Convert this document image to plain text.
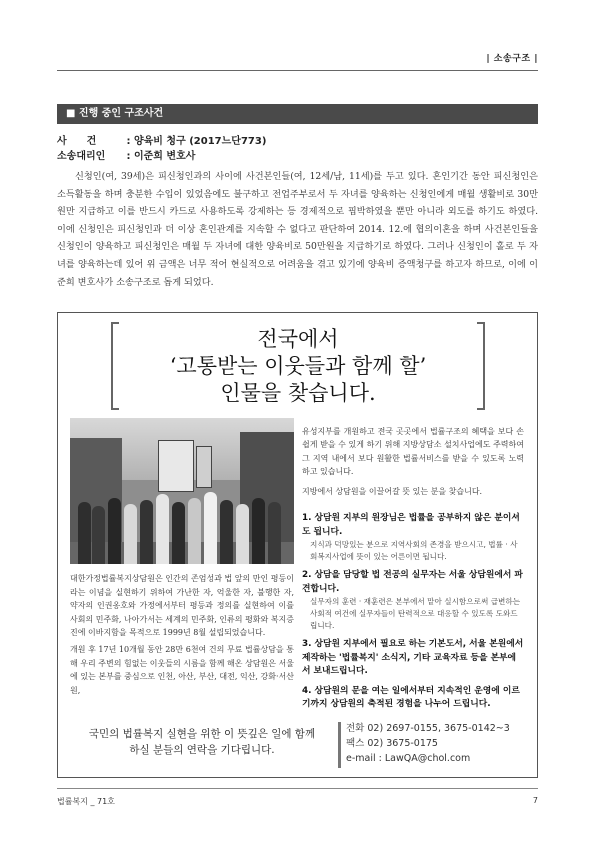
| 소송구조 |
■ 진행 중인 구조사건
사　　건	: 양육비 청구 (2017느단773)
소송대리인 : 이준희 변호사
신청인(여, 39세)은 피신청인과의 사이에 사건본인들(여, 12세/남, 11세)를 두고 있다. 혼인기간 동안 피신청인은 소득활동을 하며 충분한 수입이 있었음에도 불구하고 전업주부로서 두 자녀를 양육하는 신청인에게 매월 생활비로 30만원만 지급하고 이를 반드시 카드로 사용하도록 강제하는 등 경제적으로 핍박하였을 뿐만 아니라 외도를 하기도 하였다. 이에 신청인은 피신청인과 더 이상 혼인관계를 지속할 수 없다고 판단하여 2014. 12.에 협의이혼을 하며 사건본인들을 신청인이 양육하고 피신청인은 매월 두 자녀에 대한 양육비로 50만원을 지급하기로 하였다. 그러나 신청인이 홀로 두 자녀를 양육하는데 있어 위 금액은 너무 적어 현실적으로 어려움을 겪고 있기에 양육비 증액청구를 하고자 하므로, 이에 이준희 변호사가 소송구조로 돕게 되었다.
전국에서
‘고통받는 이웃들과 함께 할’
인물을 찾습니다.

대한가정법률복지상담원은 인간의 존엄성과 법 앞의 만인 평등이라는 이념을 실현하기 위하여 가난한 자, 억울한 자, 불행한 자, 약자의 인권옹호와 가정에서부터 평등과 정의를 실현하여 이를 사회의 민주화, 나아가서는 세계의 민주화, 인류의 평화와 복지증진에 이바지함을 목적으로 1999년 8월 설립되었습니다.

개원 후 17년 10개월 동안 28만 6천여 건의 무료 법률상담을 통해 우리 주변의 힘없는 이웃들의 시름을 함께 해온 상담원은 서울에 있는 본부를 중심으로 인천, 아산, 부산, 대전, 익산, 강화·서산원,

유성지부를 개원하고 전국 곳곳에서 법률구조의 혜택을 보다 손쉽게 받을 수 있게 하기 위해 지방상담소 설치사업에도 주력하여 그 지역 내에서 보다 원활한 법률서비스를 받을 수 있도록 노력하고 있습니다.

지방에서 상담원을 이끌어갈 뜻 있는 분을 찾습니다.

1. 상담원 지부의 원장님은 법률을 공부하지 않은 분이셔도 됩니다.
지식과 덕망있는 분으로 지역사회의 존경을 받으시고, 법률 · 사회복지사업에 뜻이 있는 어른이면 됩니다.
2. 상담을 담당할 법 전공의 실무자는 서울 상담원에서 파견합니다.
실무자의 훈련 · 재훈련은 본부에서 맡아 실시함으로써 급변하는 사회적 여건에 실무자들이 탄력적으로 대응할 수 있도록 도와드립니다.
3. 상담원 지부에서 필요로 하는 기본도서, 서울 본원에서 제작하는 '법률복지' 소식지, 기타 교육자료 등을 본부에서 보내드립니다.
4. 상담원의 문을 여는 일에서부터 지속적인 운영에 이르기까지 상담원의 축적된 경험을 나누어 드립니다.
국민의 법률복지 실현을 위한 이 뜻깊은 일에 함께 하실 분들의 연락을 기다립니다.
전화 02) 2697-0155, 3675-0142~3
팩스 02) 3675-0175
e-mail : LawQA@chol.com
법률복지 _ 71호	7
